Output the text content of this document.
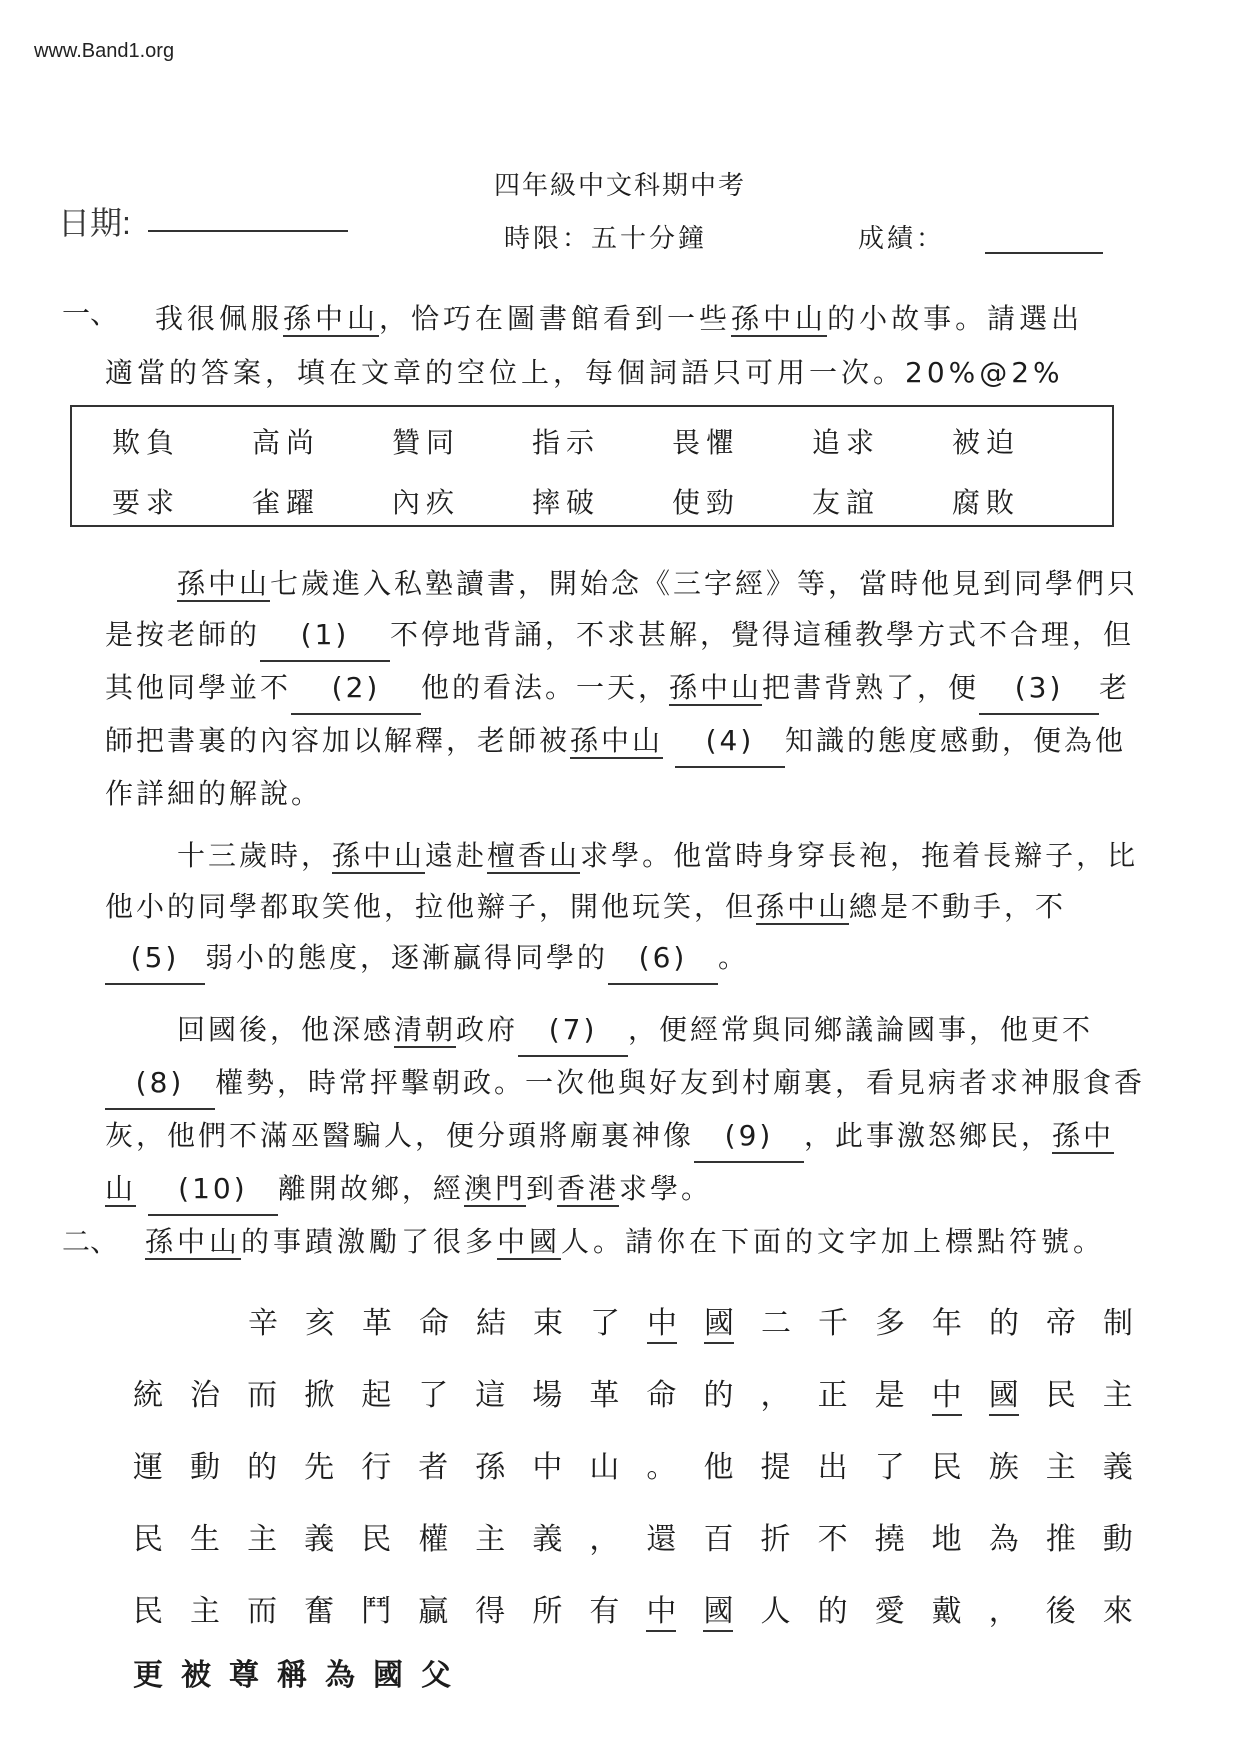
www.Band1.org
四年級中文科期中考
日期:	時限：五十分鐘	成績：
一、 我很佩服孫中山，恰巧在圖書館看到一些孫中山的小故事。請選出
適當的答案，填在文章的空位上，每個詞語只可用一次。20%@2%
欺負	高尚	贊同	指示	畏懼	追求	被迫
要求	雀躍	內疚	摔破	使勁	友誼	腐敗
孫中山七歲進入私塾讀書，開始念《三字經》等，當時他見到同學們只是按老師的 (1) 不停地背誦，不求甚解，覺得這種教學方式不合理，但其他同學並不 (2) 他的看法。一天，孫中山把書背熟了，便 (3) 老師把書裏的內容加以解釋，老師被孫中山 (4) 知識的態度感動，便為他作詳細的解說。
十三歲時，孫中山遠赴檀香山求學。他當時身穿長袍，拖着長辮子，比他小的同學都取笑他，拉他辮子，開他玩笑，但孫中山總是不動手，不(5) 弱小的態度，逐漸贏得同學的 (6) 。
回國後，他深感清朝政府 (7) ，便經常與同鄉議論國事，他更不(8) 權勢，時常抨擊朝政。一次他與好友到村廟裏，看見病者求神服食香灰，他們不滿巫醫騙人，便分頭將廟裏神像 (9) ，此事激怒鄉民，孫中山 (10) 離開故鄉，經澳門到香港求學。
二、 孫中山的事蹟激勵了很多中國人。請你在下面的文字加上標點符號。
辛 亥 革 命 結 束 了 中 國 二 千 多 年 的 帝 制
統 治 而 掀 起 了 這 場 革 命 的 ， 正 是 中 國 民 主
運 動 的 先 行 者 孫 中 山 。 他 提 出 了 民 族 主 義
民 生 主 義 民 權 主 義 ， 還 百 折 不 撓 地 為 推 動
民 主 而 奮 鬥 贏 得 所 有 中 國 人 的 愛 戴 ， 後 來
更 被 尊 稱 為 國 父
